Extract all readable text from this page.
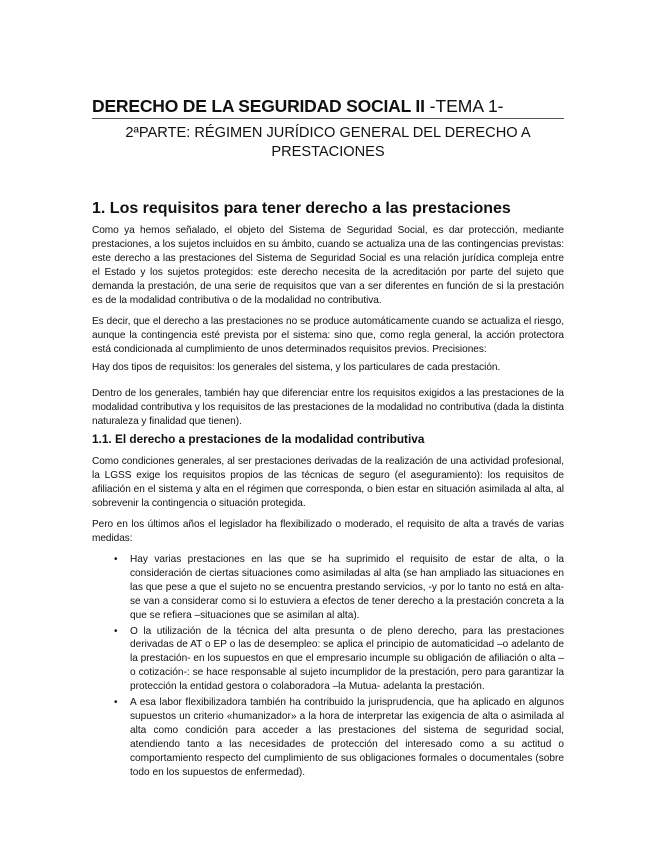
DERECHO DE LA SEGURIDAD SOCIAL II -TEMA 1-
2ªPARTE: RÉGIMEN JURÍDICO GENERAL DEL DERECHO A PRESTACIONES
1. Los requisitos para tener derecho a las prestaciones

Como ya hemos señalado, el objeto del Sistema de Seguridad Social, es dar protección, mediante prestaciones, a los sujetos incluidos en su ámbito, cuando se actualiza una de las contingencias previstas: este derecho a las prestaciones del Sistema de Seguridad Social es una relación jurídica compleja entre el Estado y los sujetos protegidos: este derecho necesita de la acreditación por parte del sujeto que demanda la prestación, de una serie de requisitos que van a ser diferentes en función de si la prestación es de la modalidad contributiva o de la modalidad no contributiva.

Es decir, que el derecho a las prestaciones no se produce automáticamente cuando se actualiza el riesgo, aunque la contingencia esté prevista por el sistema: sino que, como regla general, la acción protectora está condicionada al cumplimiento de unos determinados requisitos previos. Precisiones:

Hay dos tipos de requisitos: los generales del sistema, y los particulares de cada prestación.

Dentro de los generales, también hay que diferenciar entre los requisitos exigidos a las prestaciones de la modalidad contributiva y los requisitos de las prestaciones de la modalidad no contributiva (dada la distinta naturaleza y finalidad que tienen).

1.1. El derecho a prestaciones de la modalidad contributiva

Como condiciones generales, al ser prestaciones derivadas de la realización de una actividad profesional, la LGSS exige los requisitos propios de las técnicas de seguro (el aseguramiento): los requisitos de afiliación en el sistema y alta en el régimen que corresponda, o bien estar en situación asimilada al alta, al sobrevenir la contingencia o situación protegida.

Pero en los últimos años el legislador ha flexibilizado o moderado, el requisito de alta a través de varias medidas:

• Hay varias prestaciones en las que se ha suprimido el requisito de estar de alta, o la consideración de ciertas situaciones como asimiladas al alta (se han ampliado las situaciones en las que pese a que el sujeto no se encuentra prestando servicios, -y por lo tanto no está en alta- se van a considerar como si lo estuviera a efectos de tener derecho a la prestación concreta a la que se refiera –situaciones que se asimilan al alta).
• O la utilización de la técnica del alta presunta o de pleno derecho, para las prestaciones derivadas de AT o EP o las de desempleo: se aplica el principio de automaticidad –o adelanto de la prestación- en los supuestos en que el empresario incumple su obligación de afiliación o alta – o cotización-: se hace responsable al sujeto incumplidor de la prestación, pero para garantizar la protección la entidad gestora o colaboradora –la Mutua- adelanta la prestación.
• A esa labor flexibilizadora también ha contribuido la jurisprudencia, que ha aplicado en algunos supuestos un criterio «humanizador» a la hora de interpretar las exigencia de alta o asimilada al alta como condición para acceder a las prestaciones del sistema de seguridad social, atendiendo tanto a las necesidades de protección del interesado como a su actitud o comportamiento respecto del cumplimiento de sus obligaciones formales o documentales (sobre todo en los supuestos de enfermedad).
